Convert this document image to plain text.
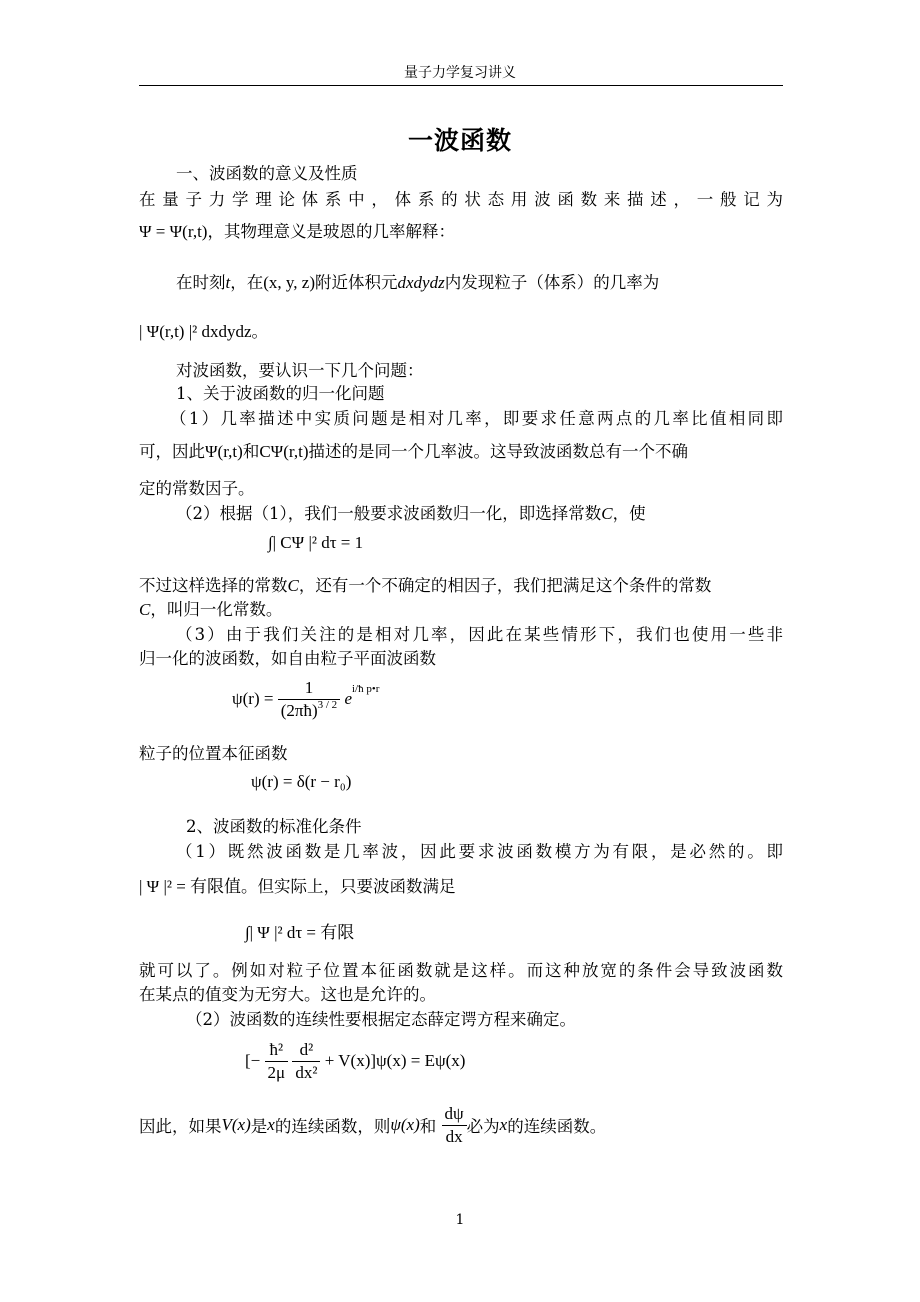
量子力学复习讲义
一波函数
一、波函数的意义及性质
在量子力学理论体系中，体系的状态用波函数来描述，一般记为
Ψ = Ψ(r,t)，其物理意义是玻恩的几率解释：
在时刻t，在(x, y, z)附近体积元dxdydz内发现粒子（体系）的几率为
| Ψ(r,t) |² dxdydz。
对波函数，要认识一下几个问题：
1、关于波函数的归一化问题
（1）几率描述中实质问题是相对几率，即要求任意两点的几率比值相同即
可，因此Ψ(r,t)和CΨ(r,t)描述的是同一个几率波。这导致波函数总有一个不确
定的常数因子。
（2）根据（1），我们一般要求波函数归一化，即选择常数C，使
∫| CΨ |² dτ = 1
不过这样选择的常数C，还有一个不确定的相因子，我们把满足这个条件的常数
C，叫归一化常数。
（3）由于我们关注的是相对几率，因此在某些情形下，我们也使用一些非
归一化的波函数，如自由粒子平面波函数
$\psi(r) = \frac{1}{(2\pi ħ)^{3 / 2}} e^{i/ħ p•r}$
粒子的位置本征函数
ψ(r) = δ(r − r₀)
2、波函数的标准化条件
（1）既然波函数是几率波，因此要求波函数模方为有限，是必然的。即
| Ψ |² = 有限值。但实际上，只要波函数满足
∫| Ψ |² dτ = 有限
就可以了。例如对粒子位置本征函数就是这样。而这种放宽的条件会导致波函数
在某点的值变为无穷大。这也是允许的。
（2）波函数的连续性要根据定态薛定谔方程来确定。
[− $\frac{\text{ħ²}}{2\mu}$
$\frac{\text{d²}}{\text{dx²}} + V(x)]\psi(x) = E\psi(x)$
因此，如果V(x)是x的连续函数，则ψ(x)和 $\frac{d\psi}{dx}$ 必为x的连续函数。
1
